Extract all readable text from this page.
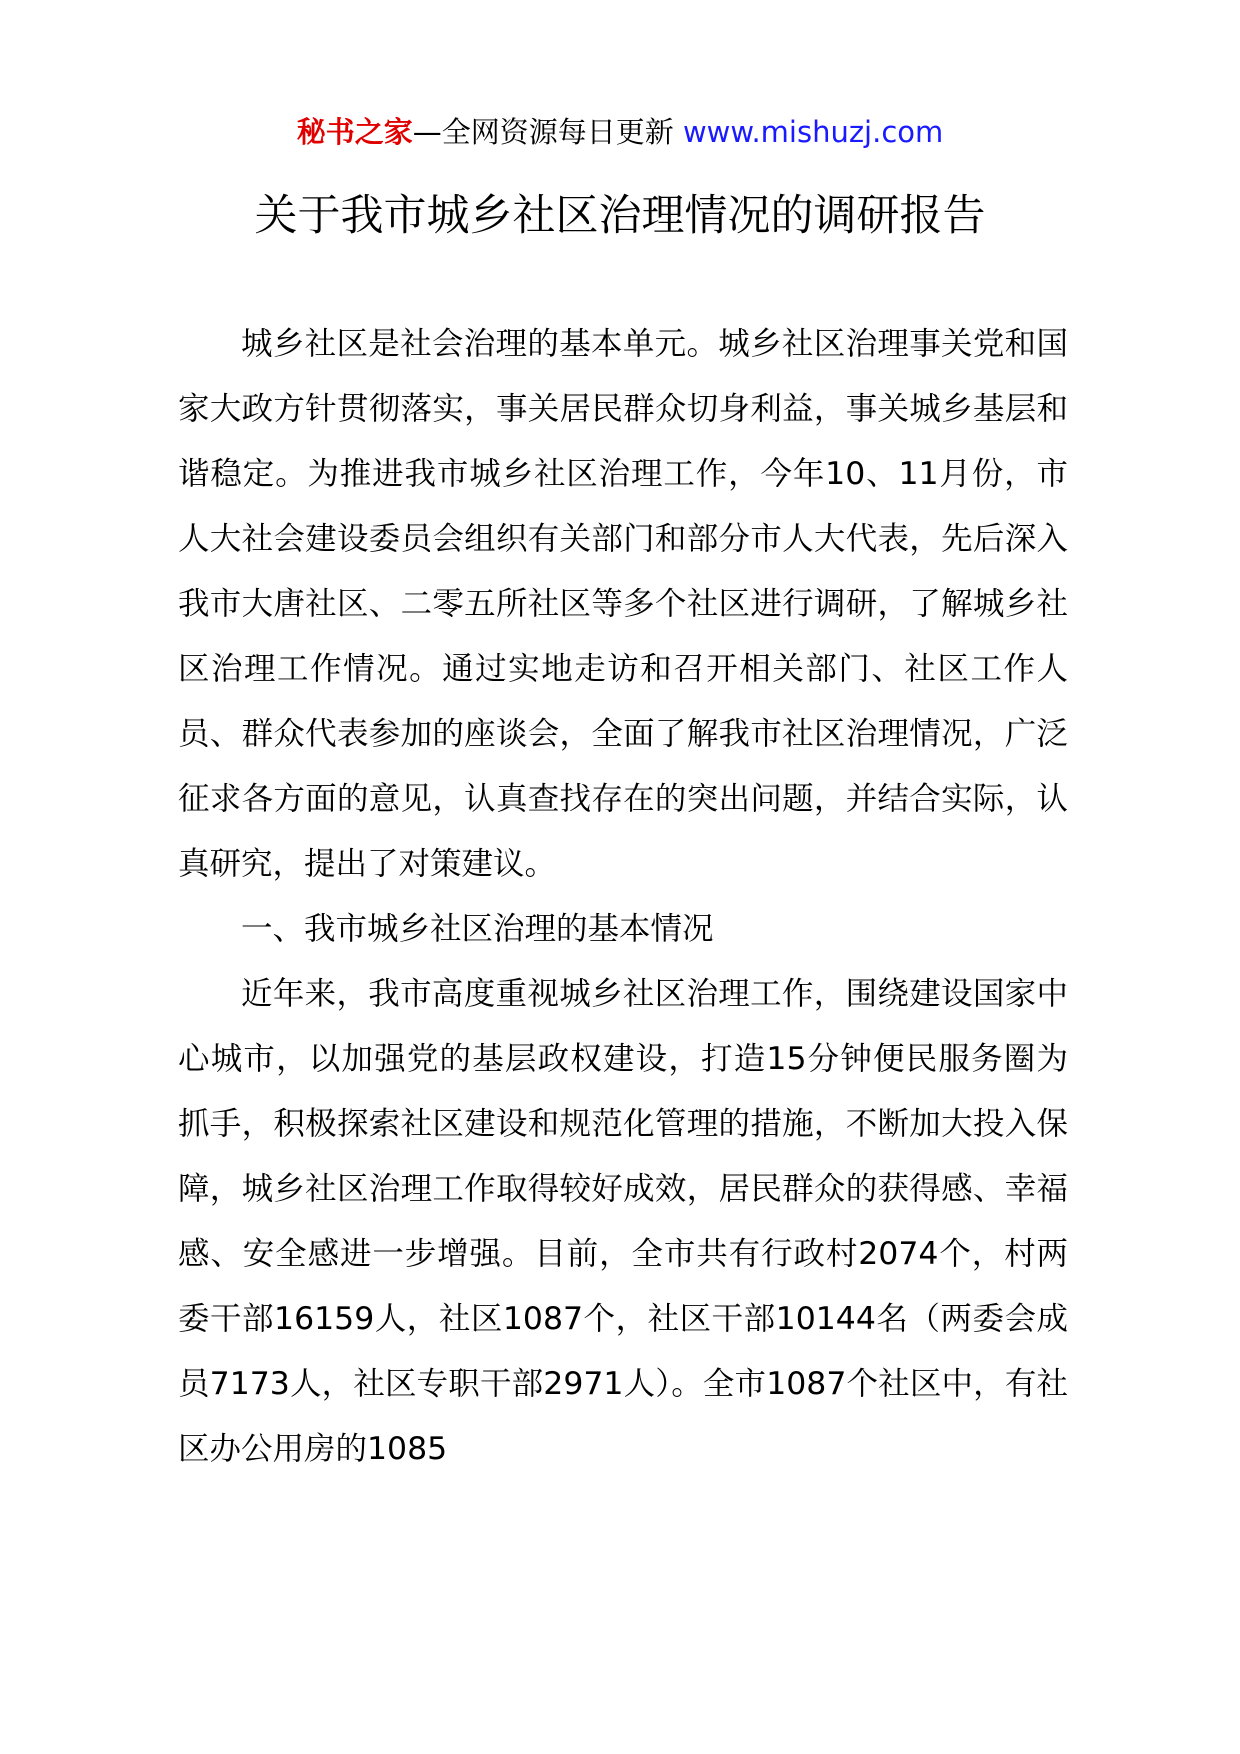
秘书之家—全网资源每日更新 www.mishuzj.com
关于我市城乡社区治理情况的调研报告

城乡社区是社会治理的基本单元。城乡社区治理事关党和国家大政方针贯彻落实，事关居民群众切身利益，事关城乡基层和谐稳定。为推进我市城乡社区治理工作，今年10、11月份，市人大社会建设委员会组织有关部门和部分市人大代表，先后深入我市大唐社区、二零五所社区等多个社区进行调研，了解城乡社区治理工作情况。通过实地走访和召开相关部门、社区工作人员、群众代表参加的座谈会，全面了解我市社区治理情况，广泛征求各方面的意见，认真查找存在的突出问题，并结合实际，认真研究，提出了对策建议。

一、我市城乡社区治理的基本情况

近年来，我市高度重视城乡社区治理工作，围绕建设国家中心城市，以加强党的基层政权建设，打造15分钟便民服务圈为抓手，积极探索社区建设和规范化管理的措施，不断加大投入保障，城乡社区治理工作取得较好成效，居民群众的获得感、幸福感、安全感进一步增强。目前，全市共有行政村2074个，村两委干部16159人，社区1087个，社区干部10144名（两委会成员7173人，社区专职干部2971人）。全市1087个社区中，有社区办公用房的1085
